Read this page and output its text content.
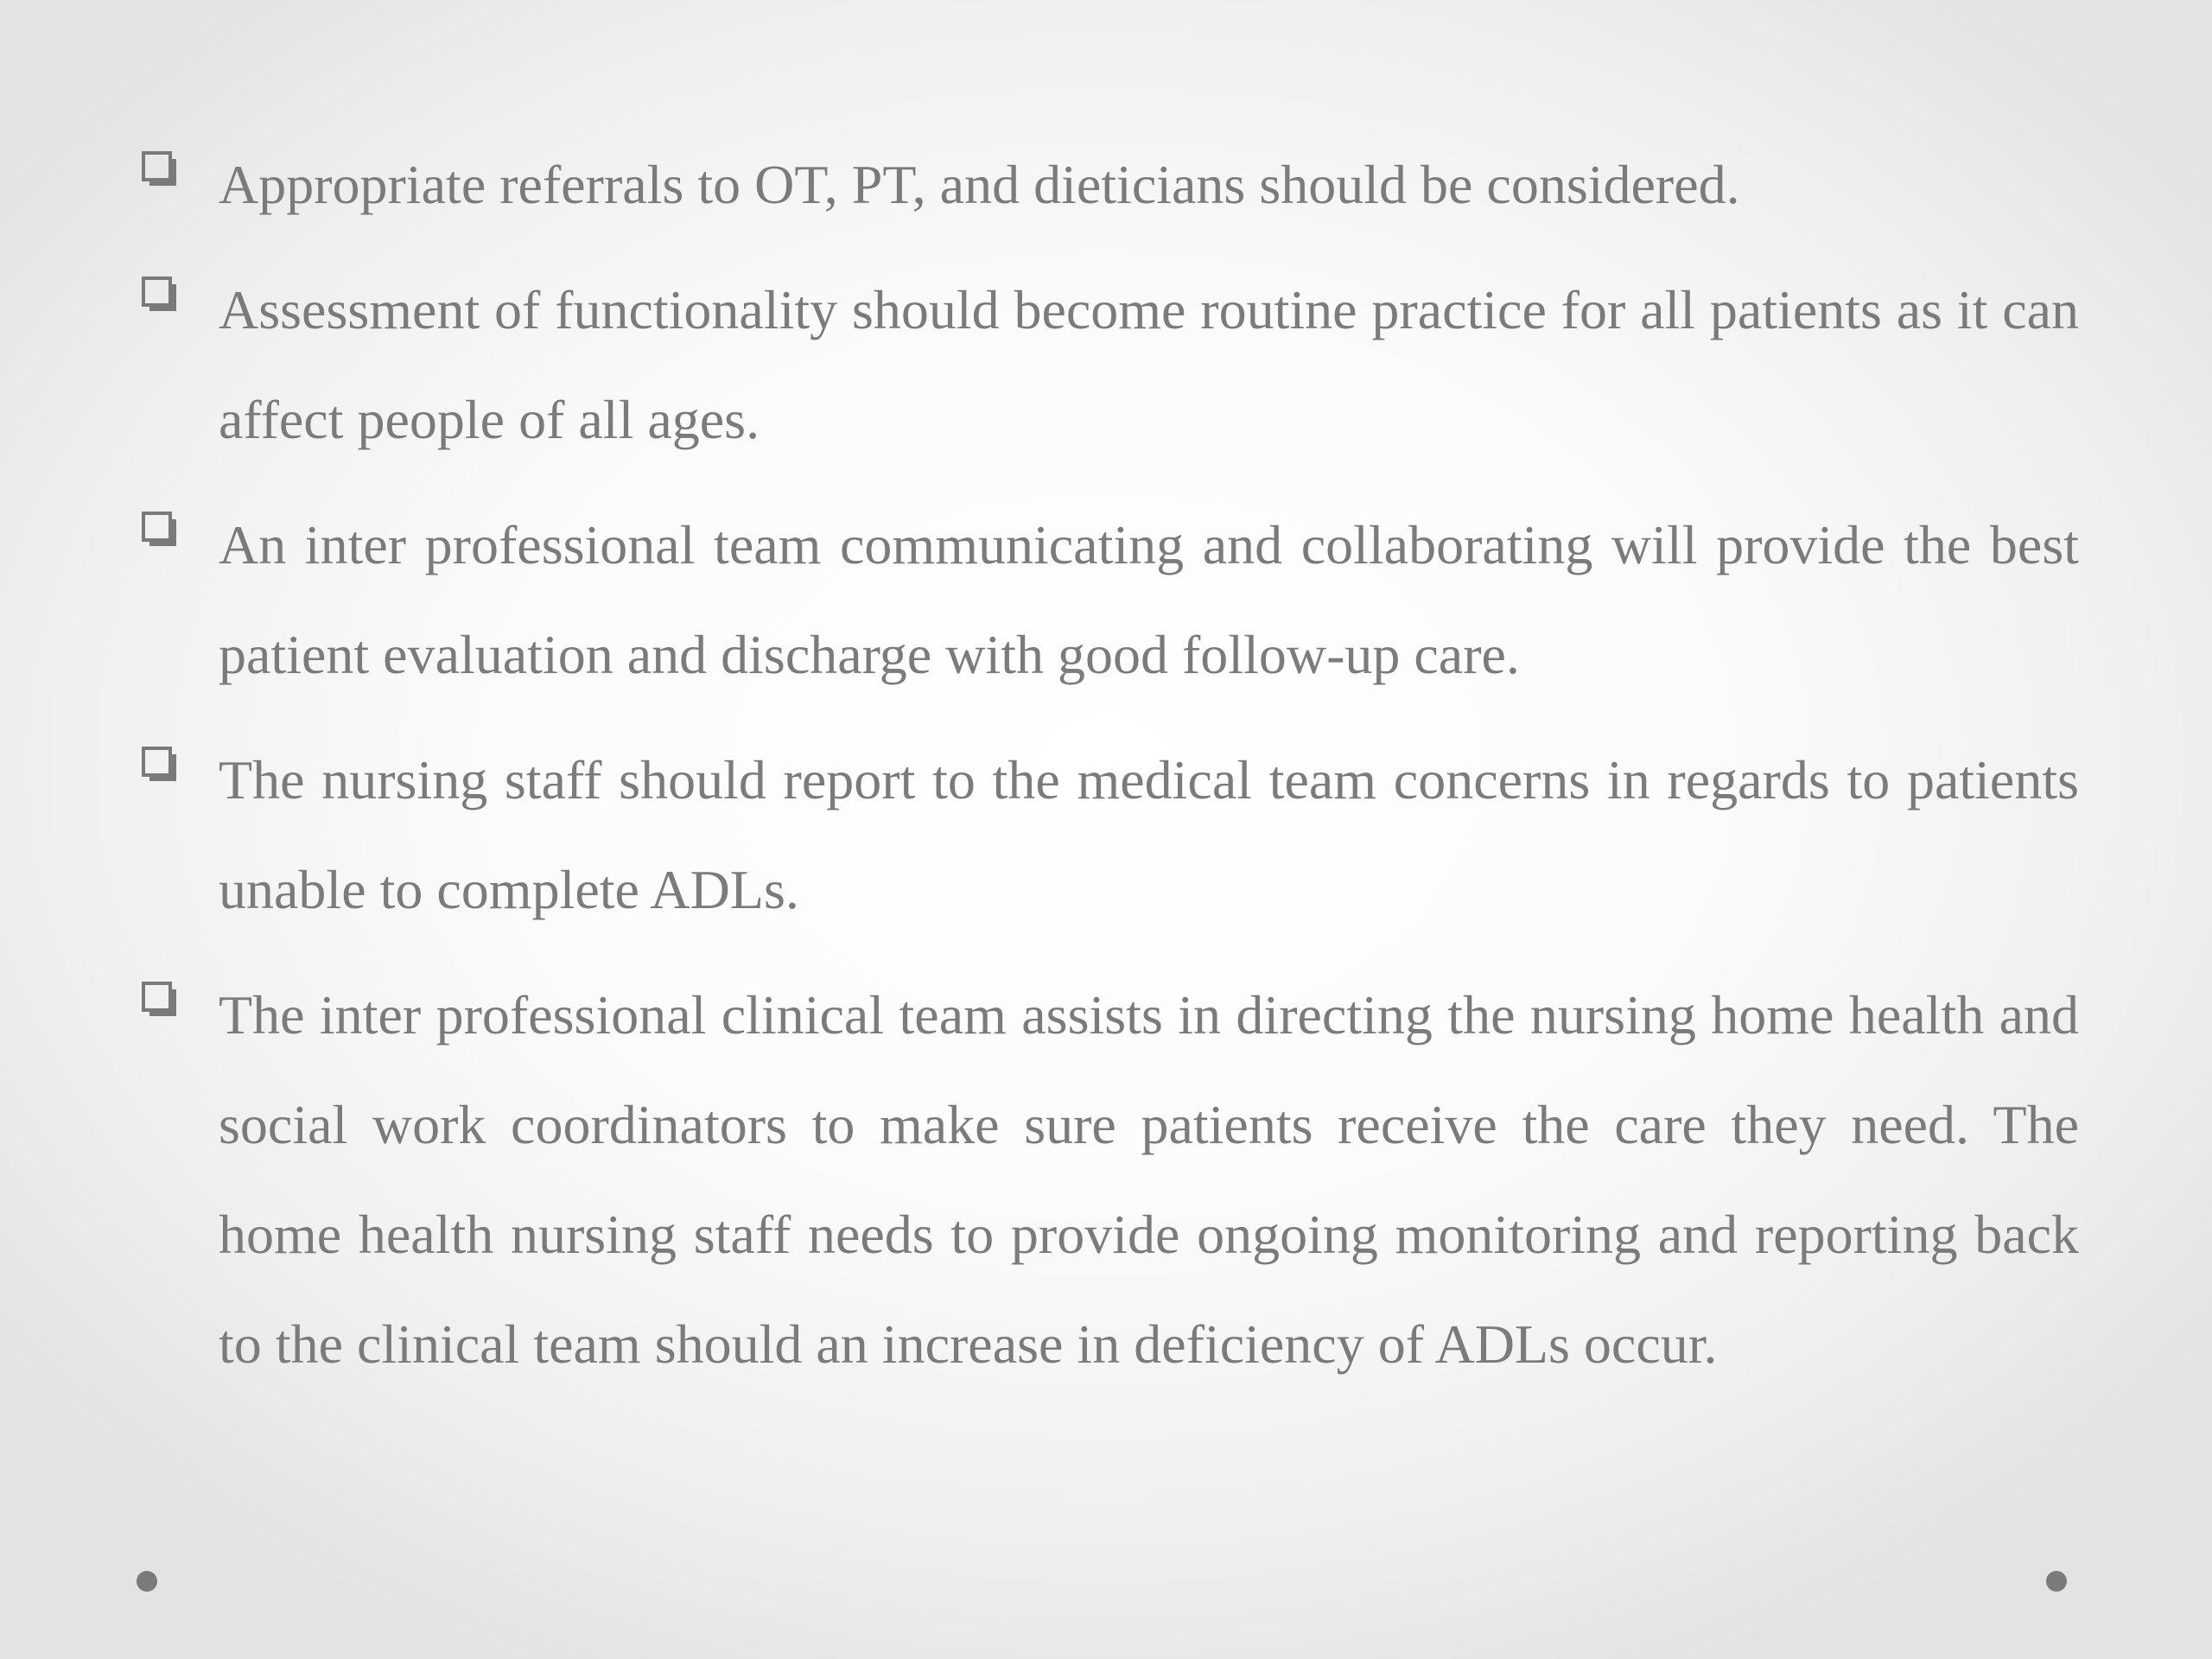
Appropriate referrals to OT, PT, and dieticians should be considered.
Assessment of functionality should become routine practice for all patients as it can affect people of all ages.
An inter professional team communicating and collaborating will provide the best patient evaluation and discharge with good follow-up care.
The nursing staff should report to the medical team concerns in regards to patients unable to complete ADLs.
The inter professional clinical team assists in directing the nursing home health and social work coordinators to make sure patients receive the care they need. The home health nursing staff needs to provide ongoing monitoring and reporting back to the clinical team should an increase in deficiency of ADLs occur.
